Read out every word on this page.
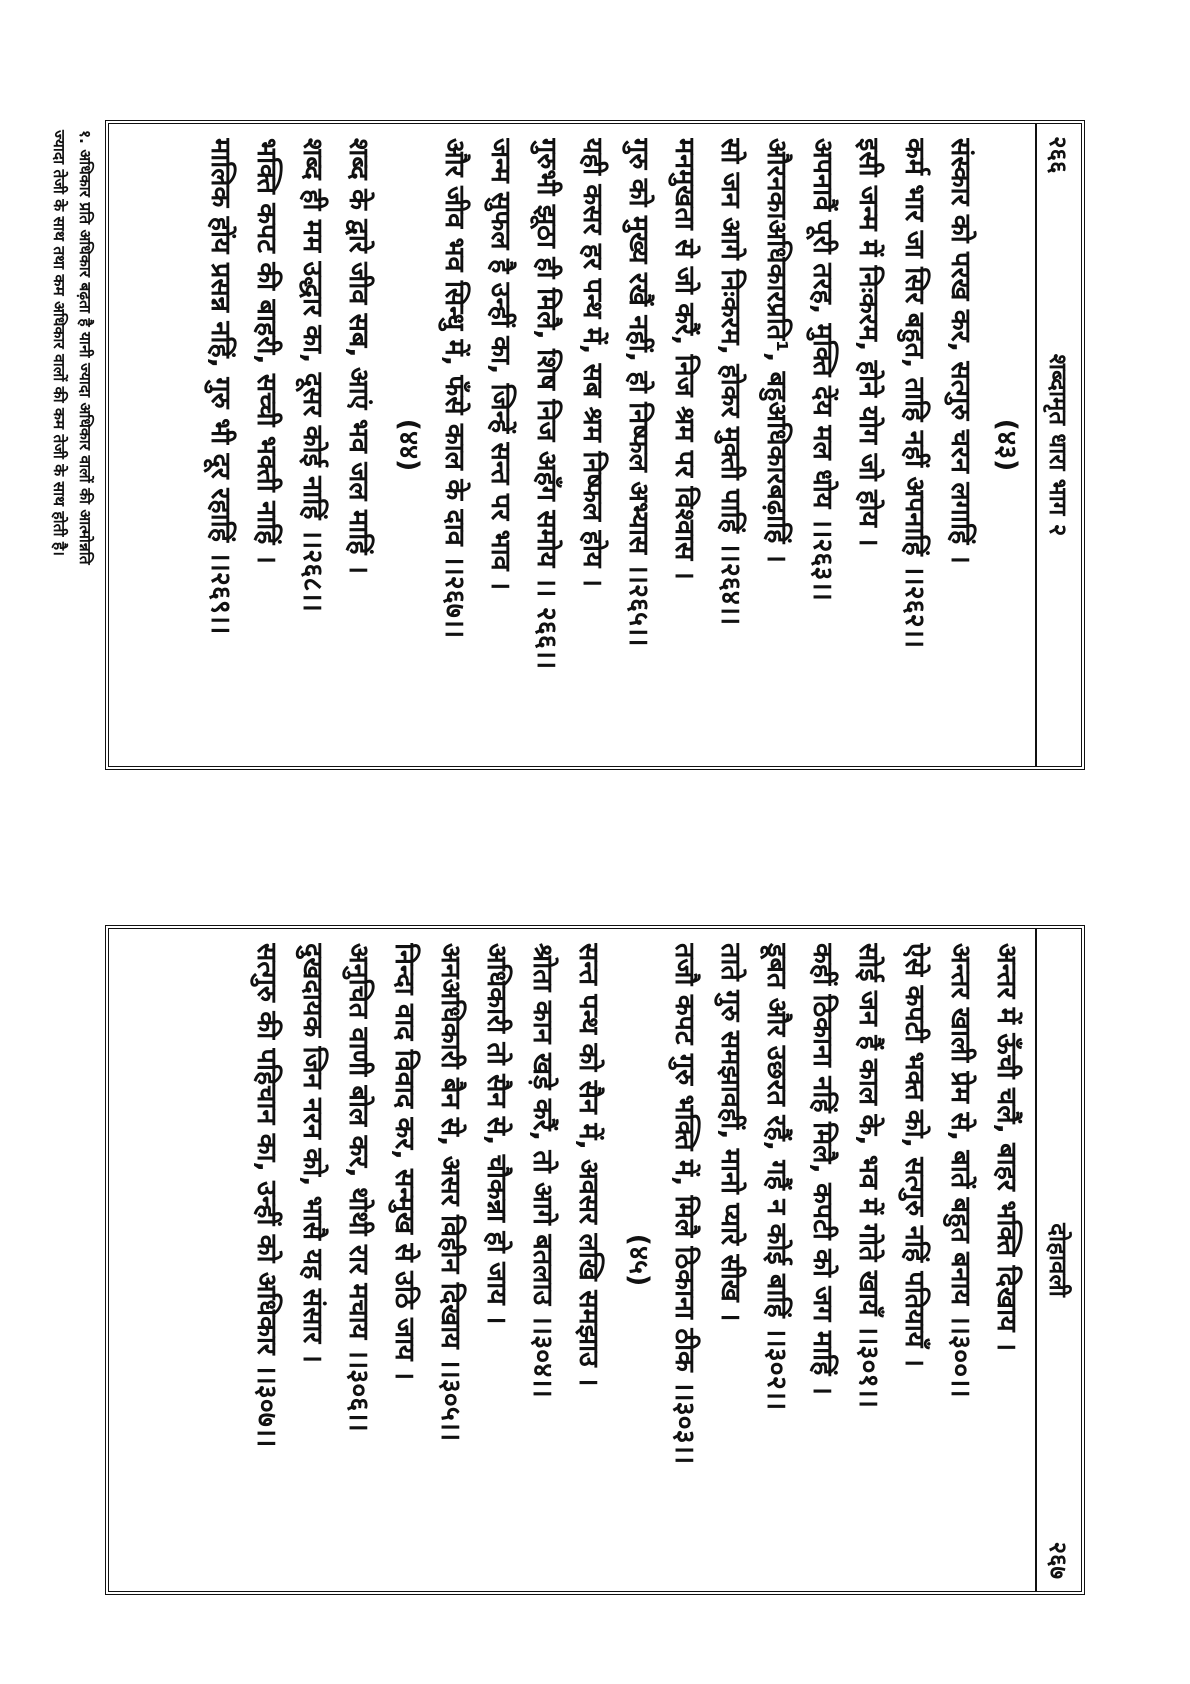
२६६
शब्दामृत धारा भाग २
(४३)
संस्कार को परख कर, सत्गुरु चरन लगाहिं ।
कर्म भार जा सिर बहुत, ताहि नहीं अपनाहिं ।।२६२।।
इसी जन्म में निःकरम, होने योग जो होय ।
अपनावैं पूरी तरह, मुक्ति देंय मल धोय ।।२६३।।
औरनकाअधिकारप्रति¹, बहुअधिकारबढ़ाहिं ।
सो जन आगे निःकरम, होकर मुक्ती पाहिं ।।२६४।।
मनमुखता से जो करैं, निज श्रम पर विश्वास ।
गुरु को मुख्य रखैं नहीं, हो निष्फल अभ्यास ।।२६५।।
यही कसर हर पन्थ में, सब श्रम निष्फल होय ।
गुरुभी झूठा ही मिलै, शिष निज अहँग समोय ।। २६६।।
जन्म सुफल है उन्हीं का, जिन्हें सन्त पर भाव ।
और जीव भव सिन्धु में, फँसे काल के दाव ।।२६७।।
(४४)
शब्द के द्वारे जीव सब, आएं भव जल माहिं ।
शब्द ही मम उद्धार का, दूसर कोई नाहिं ।।२६८।।
भक्ति कपट की बाहरी, सच्ची भक्ती नाहिं ।
मालिक होंय प्रसन्न नहिं, गुरु भी दूर रहाहिं ।।२६९।।
१. अधिकार प्रति अधिकार बढ़ता है यानी ज्यादा अधिकार वालों की आत्मोन्नति
ज्यादा तेजी के साथ तथा कम अधिकार वालों की कम तेजी के साथ होती है।
दोहावली
२६७
अन्तर में ऊँची चलैं, बाहर भक्ति दिखाय ।
अन्तर खाली प्रेम से, बातें बहुत बनाय ।।३००।।
ऐसे कपटी भक्त को, सत्गुरु नहिं पतियायँ ।
सोई जन हैं काल के, भव में गोते खायँ ।।३०१।।
कहीं ठिकाना नहिं मिलै, कपटी को जग माहिं ।
डूबत और उछरत रहैं, गहैं न कोई बाहिं ।।३०२।।
ताते गुरु समझावहीं, मानो प्यारे सीख ।
तजौ कपट गुरु भक्ति में, मिलै ठिकाना ठीक ।।३०३।।
(४५)
सन्त पन्थ को सैन में, अवसर लखि समझाउ ।
श्रोता कान खड़े करैं, तो आगे बतलाउ ।।३०४।।
अधिकारी तो सैन से, चौकन्ना हो जाय ।
अनअधिकारी बैन से, असर विहीन दिखाय ।।३०५।।
निन्दा वाद विवाद कर, सन्मुख से उठि जाय ।
अनुचित वाणी बोल कर, थोथी रार मचाय ।।३०६।।
दुखदायक जिन नरन को, भासै यह संसार ।
सत्गुरु की पहिचान का, उन्हीं को अधिकार ।।३०७।।
